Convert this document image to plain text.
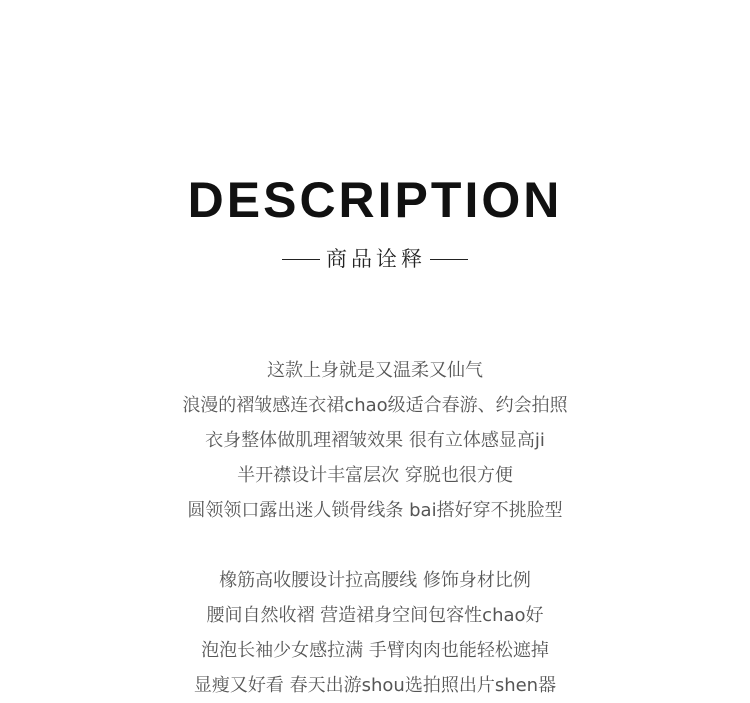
DESCRIPTION
商品诠释
这款上身就是又温柔又仙气
浪漫的褶皱感连衣裙chao级适合春游、约会拍照
衣身整体做肌理褶皱效果 很有立体感显高ji
半开襟设计丰富层次 穿脱也很方便
圆领领口露出迷人锁骨线条 bai搭好穿不挑脸型
橡筋高收腰设计拉高腰线 修饰身材比例
腰间自然收褶 营造裙身空间包容性chao好
泡泡长袖少女感拉满 手臂肉肉也能轻松遮掉
显瘦又好看 春天出游shou选拍照出片shen器
